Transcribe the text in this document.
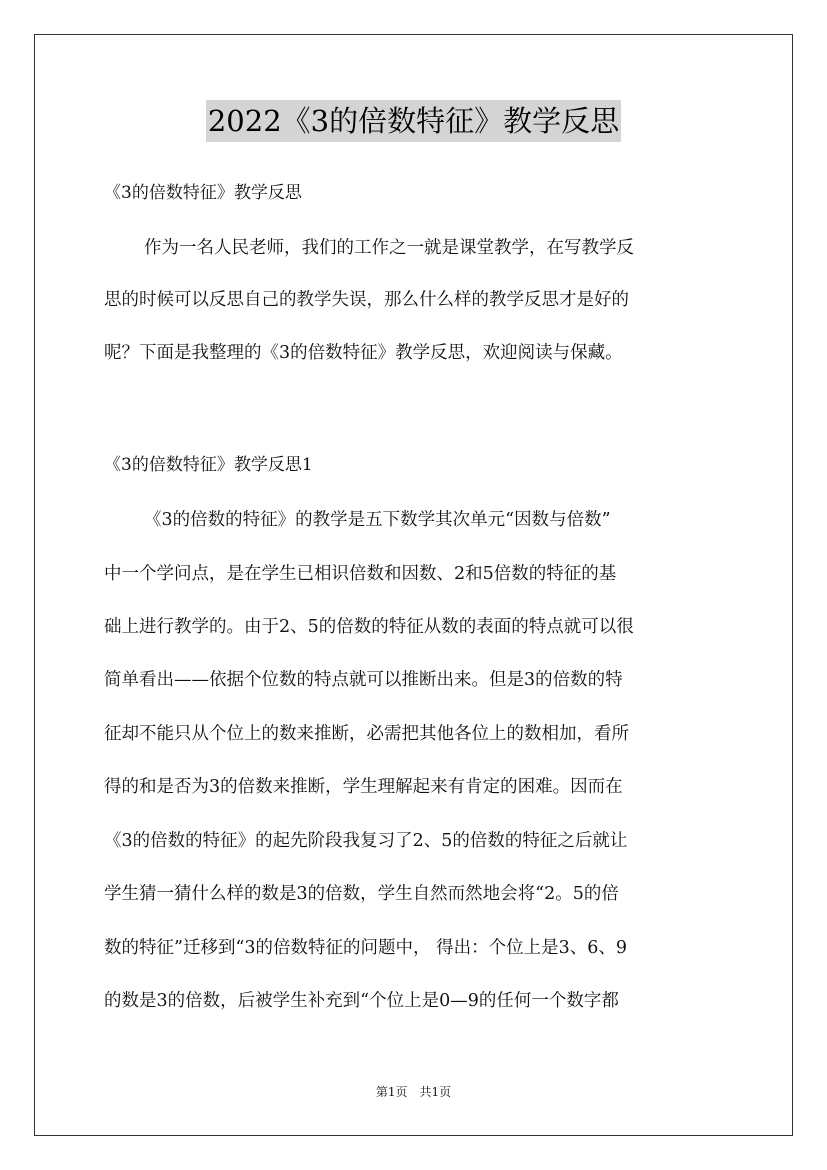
2022《3的倍数特征》教学反思
《3的倍数特征》教学反思
作为一名人民老师，我们的工作之一就是课堂教学，在写教学反
思的时候可以反思自己的教学失误，那么什么样的教学反思才是好的
呢？下面是我整理的《3的倍数特征》教学反思，欢迎阅读与保藏。
《3的倍数特征》教学反思1
《3的倍数的特征》的教学是五下数学其次单元“因数与倍数”
中一个学问点，是在学生已相识倍数和因数、2和5倍数的特征的基
础上进行教学的。由于2、5的倍数的特征从数的表面的特点就可以很
简单看出——依据个位数的特点就可以推断出来。但是3的倍数的特
征却不能只从个位上的数来推断，必需把其他各位上的数相加，看所
得的和是否为3的倍数来推断，学生理解起来有肯定的困难。因而在
《3的倍数的特征》的起先阶段我复习了2、5的倍数的特征之后就让
学生猜一猜什么样的数是3的倍数，学生自然而然地会将“2。5的倍
数的特征”迁移到“3的倍数特征的问题中， 得出：个位上是3、6、9
的数是3的倍数，后被学生补充到“个位上是0—9的任何一个数字都
第1页　共1页
